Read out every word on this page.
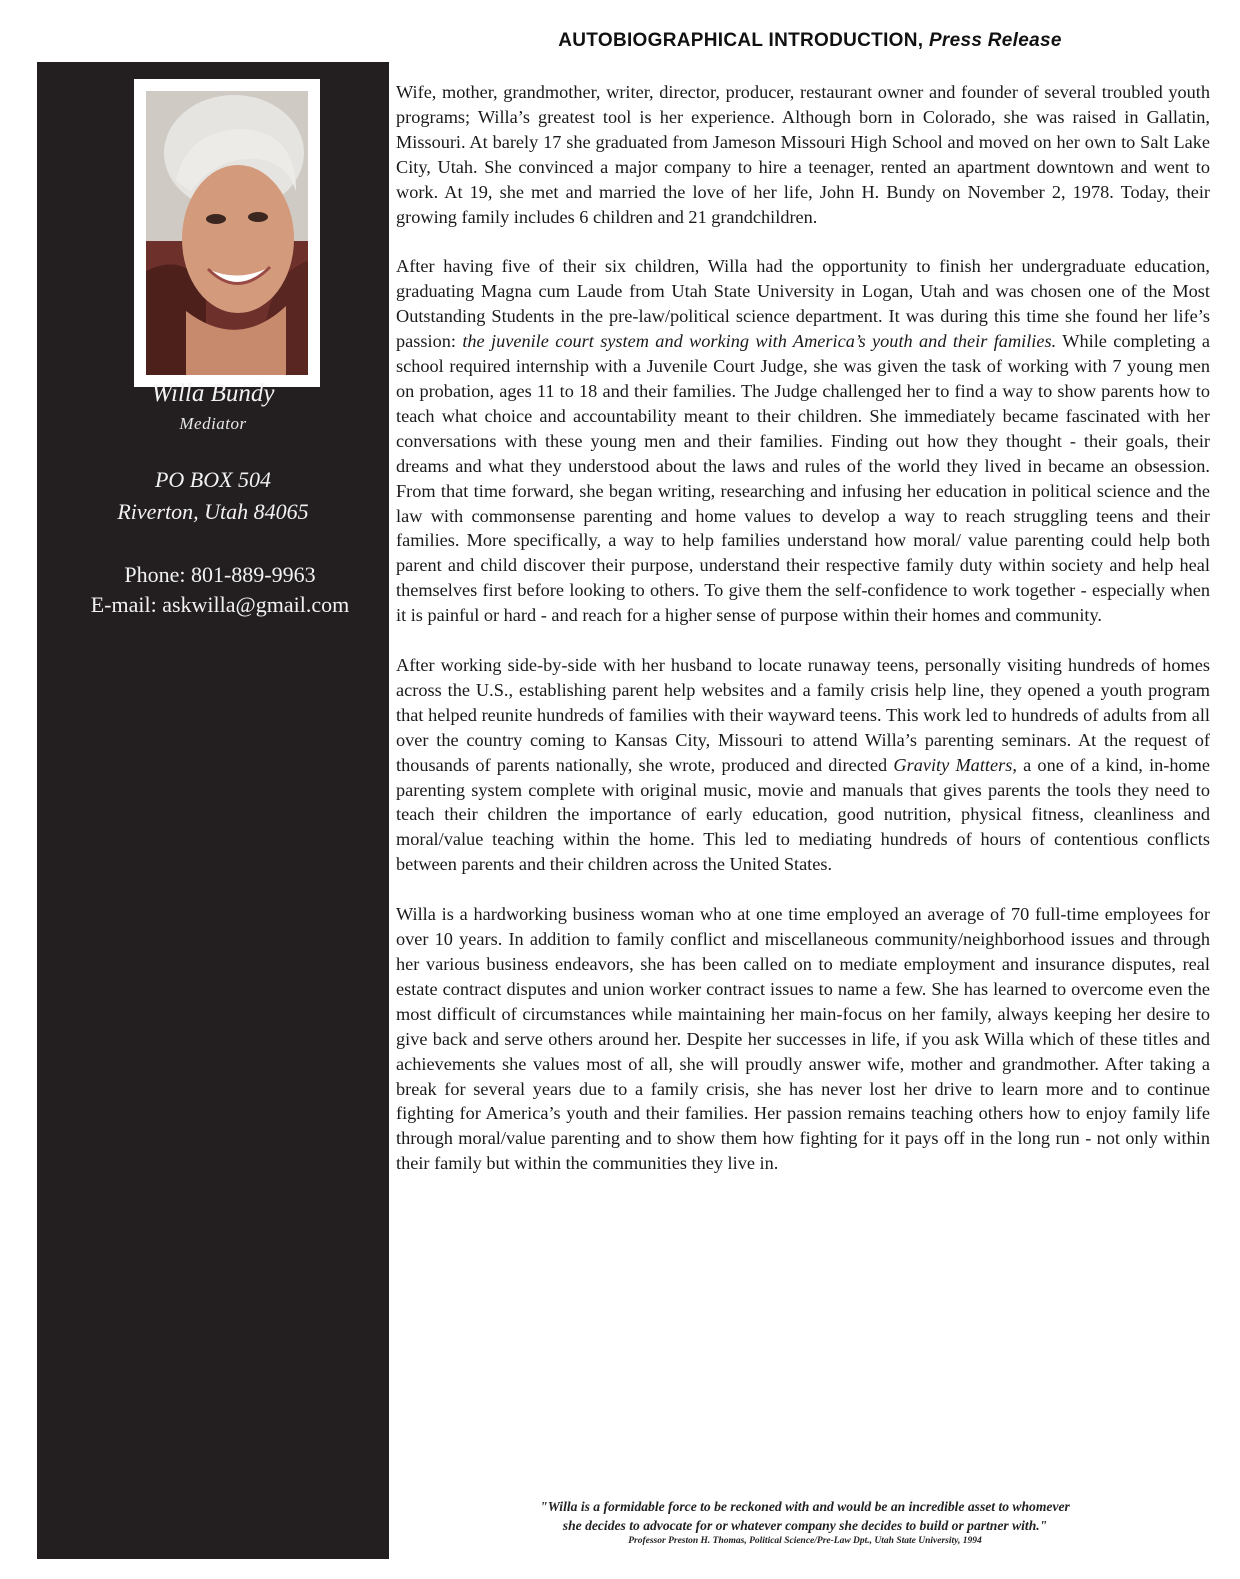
AUTOBIOGRAPHICAL INTRODUCTION, Press Release
Willa Bundy
Mediator
PO BOX 504
Riverton, Utah 84065
Phone: 801-889-9963
E-mail: askwilla@gmail.com

Wife, mother, grandmother, writer, director, producer, restaurant owner and founder of several troubled youth programs; Willa’s greatest tool is her experience. Although born in Colorado, she was raised in Gallatin, Missouri. At barely 17 she graduated from Jameson Missouri High School and moved on her own to Salt Lake City, Utah. She convinced a major company to hire a teenager, rented an apartment downtown and went to work. At 19, she met and married the love of her life, John H. Bundy on November 2, 1978. Today, their growing family includes 6 children and 21 grandchildren.

After having five of their six children, Willa had the opportunity to finish her undergraduate education, graduating Magna cum Laude from Utah State University in Logan, Utah and was chosen one of the Most Outstanding Students in the pre-law/political science department. It was during this time she found her life’s passion: the juvenile court system and working with America’s youth and their families. While completing a school required internship with a Juvenile Court Judge, she was given the task of working with 7 young men on probation, ages 11 to 18 and their families. The Judge challenged her to find a way to show parents how to teach what choice and accountability meant to their children. She immediately became fascinated with her conversations with these young men and their families. Finding out how they thought - their goals, their dreams and what they understood about the laws and rules of the world they lived in became an obsession. From that time forward, she began writing, researching and infusing her education in political science and the law with commonsense parenting and home values to develop a way to reach struggling teens and their families. More specifically, a way to help families understand how moral/ value parenting could help both parent and child discover their purpose, understand their respective family duty within society and help heal themselves first before looking to others. To give them the self-confidence to work together - especially when it is painful or hard - and reach for a higher sense of purpose within their homes and community.

After working side-by-side with her husband to locate runaway teens, personally visiting hundreds of homes across the U.S., establishing parent help websites and a family crisis help line, they opened a youth program that helped reunite hundreds of families with their wayward teens. This work led to hundreds of adults from all over the country coming to Kansas City, Missouri to attend Willa’s parenting seminars. At the request of thousands of parents nationally, she wrote, produced and directed Gravity Matters, a one of a kind, in-home parenting system complete with original music, movie and manuals that gives parents the tools they need to teach their children the importance of early education, good nutrition, physical fitness, cleanliness and moral/value teaching within the home. This led to mediating hundreds of hours of contentious conflicts between parents and their children across the United States.

Willa is a hardworking business woman who at one time employed an average of 70 full-time employees for over 10 years. In addition to family conflict and miscellaneous community/neighborhood issues and through her various business endeavors, she has been called on to mediate employment and insurance disputes, real estate contract disputes and union worker contract issues to name a few. She has learned to overcome even the most difficult of circumstances while maintaining her main-focus on her family, always keeping her desire to give back and serve others around her. Despite her successes in life, if you ask Willa which of these titles and achievements she values most of all, she will proudly answer wife, mother and grandmother. After taking a break for several years due to a family crisis, she has never lost her drive to learn more and to continue fighting for America’s youth and their families. Her passion remains teaching others how to enjoy family life through moral/value parenting and to show them how fighting for it pays off in the long run - not only within their family but within the communities they live in.

"Willa is a formidable force to be reckoned with and would be an incredible asset to whomever
she decides to advocate for or whatever company she decides to build or partner with."
Professor Preston H. Thomas, Political Science/Pre-Law Dpt., Utah State University, 1994
